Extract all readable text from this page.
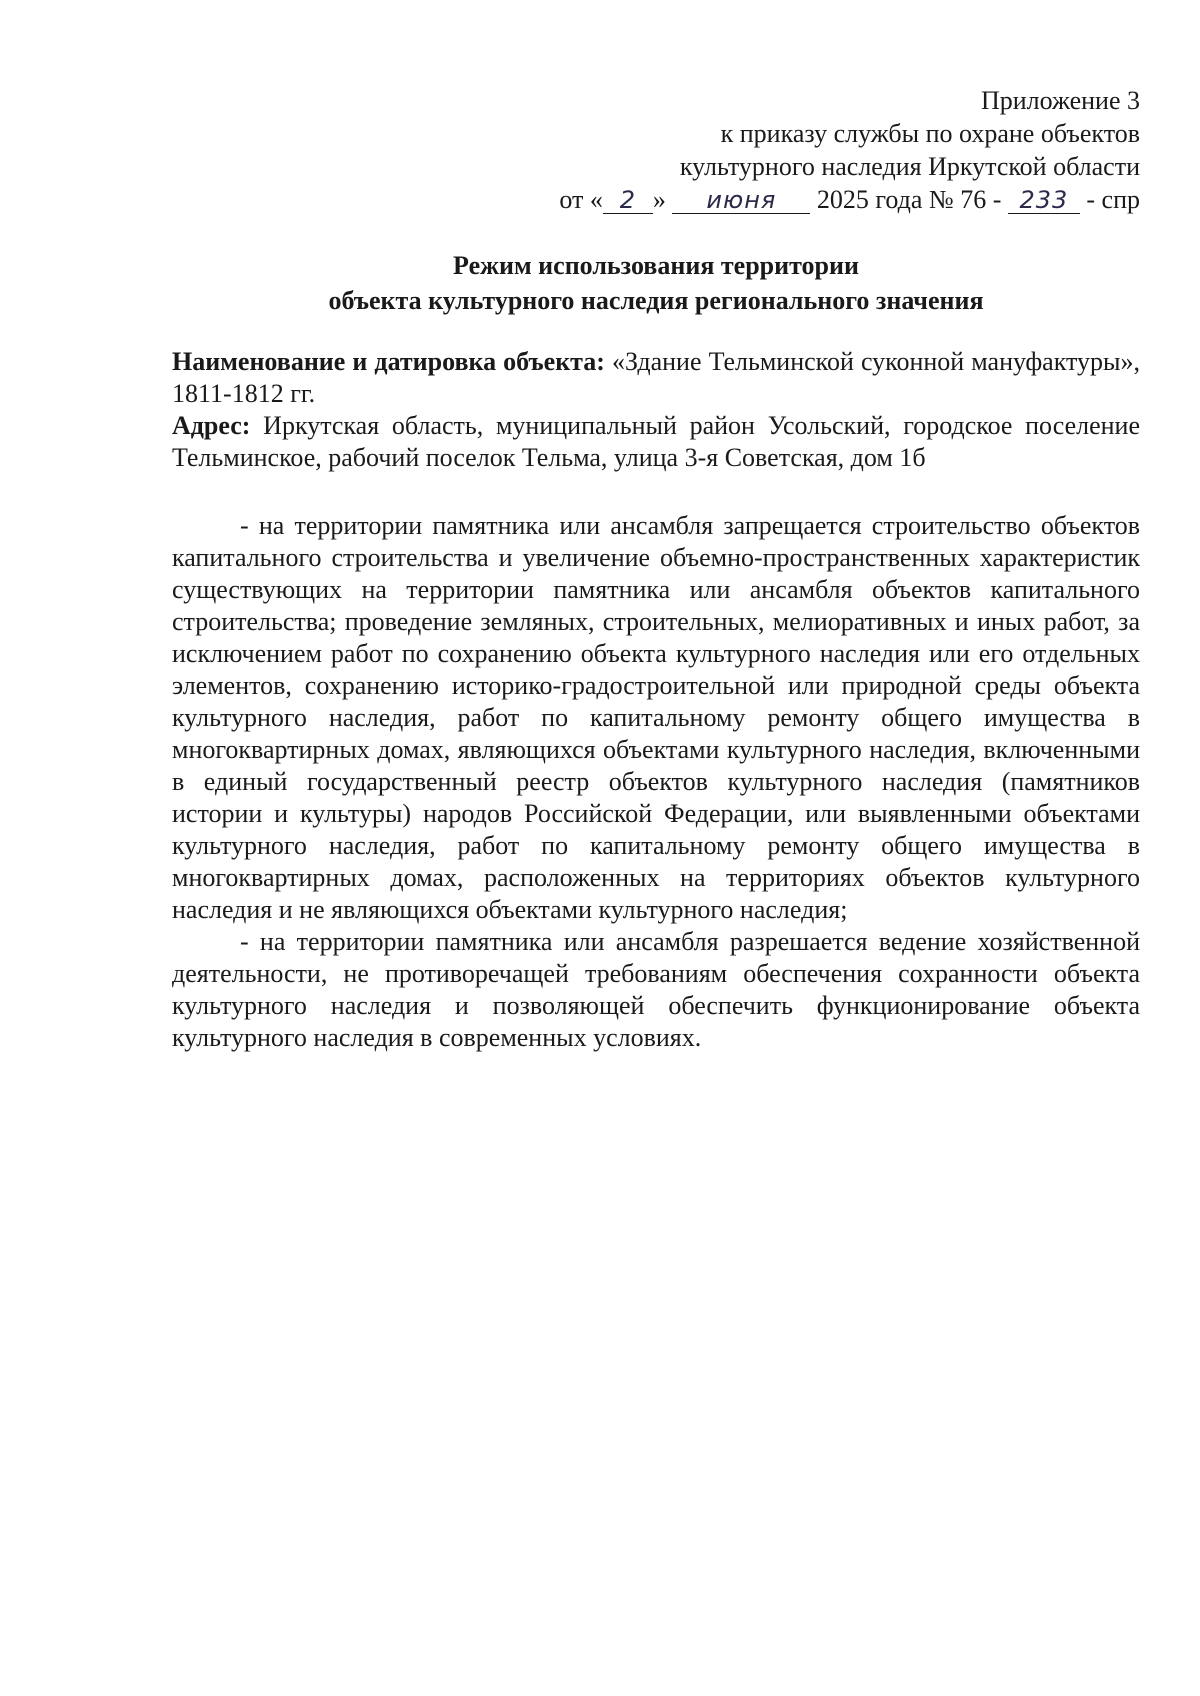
Приложение 3
к приказу службы по охране объектов
культурного наследия Иркутской области
от « 2 » июня 2025 года № 76 - 233 - спр
Режим использования территории
объекта культурного наследия регионального значения

Наименование и датировка объекта: «Здание Тельминской суконной мануфактуры», 1811-1812 гг.

Адрес: Иркутская область, муниципальный район Усольский, городское поселение Тельминское, рабочий поселок Тельма, улица 3-я Советская, дом 1б

- на территории памятника или ансамбля запрещается строительство объектов капитального строительства и увеличение объемно-пространственных характеристик существующих на территории памятника или ансамбля объектов капитального строительства; проведение земляных, строительных, мелиоративных и иных работ, за исключением работ по сохранению объекта культурного наследия или его отдельных элементов, сохранению историко-градостроительной или природной среды объекта культурного наследия, работ по капитальному ремонту общего имущества в многоквартирных домах, являющихся объектами культурного наследия, включенными в единый государственный реестр объектов культурного наследия (памятников истории и культуры) народов Российской Федерации, или выявленными объектами культурного наследия, работ по капитальному ремонту общего имущества в многоквартирных домах, расположенных на территориях объектов культурного наследия и не являющихся объектами культурного наследия;

- на территории памятника или ансамбля разрешается ведение хозяйственной деятельности, не противоречащей требованиям обеспечения сохранности объекта культурного наследия и позволяющей обеспечить функционирование объекта культурного наследия в современных условиях.
